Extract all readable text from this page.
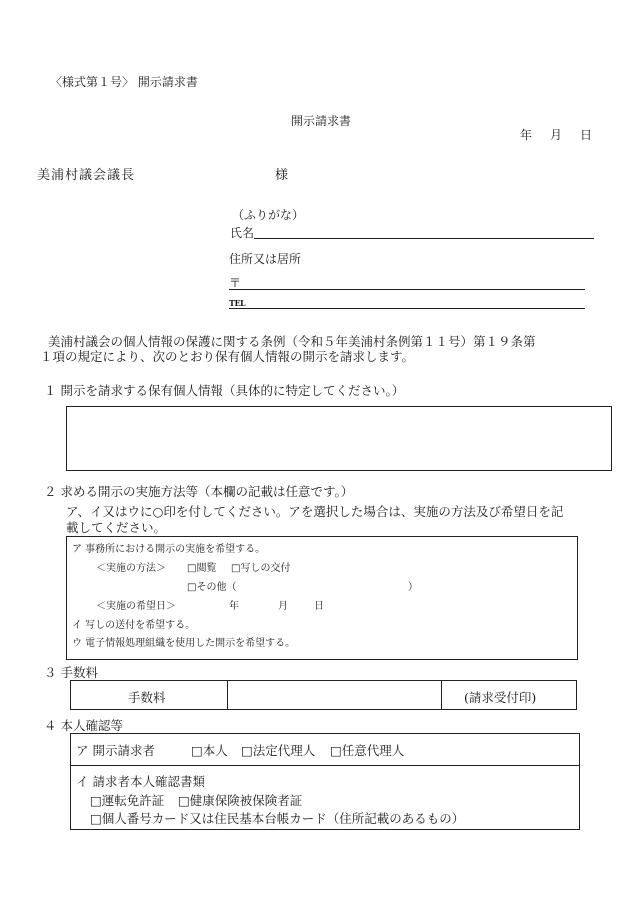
〈様式第１号〉 開示請求書
開示請求書
年　月　日
美浦村議会議長	様
（ふりがな）
氏名
住所又は居所
〒
TEL
美浦村議会の個人情報の保護に関する条例（令和５年美浦村条例第１１号）第１９条第
１項の規定により、次のとおり保有個人情報の開示を請求します。
１ 開示を請求する保有個人情報（具体的に特定してください。）
２ 求める開示の実施方法等（本欄の記載は任意です。）
ア、イ又はウに○印を付してください。アを選択した場合は、実施の方法及び希望日を記
載してください。
ア 事務所における開示の実施を希望する。
＜実施の方法＞ □閲覧 □写しの交付
□その他（	）
＜実施の希望日＞	年	月	日
イ 写しの送付を希望する。
ウ 電子情報処理組織を使用した開示を希望する。
３ 手数料
手数料	(請求受付印)
４ 本人確認等
ア 開示請求者	□本人 □法定代理人 □任意代理人
イ 請求者本人確認書類
□運転免許証 □健康保険被保険者証
□個人番号カード又は住民基本台帳カード（住所記載のあるもの）
